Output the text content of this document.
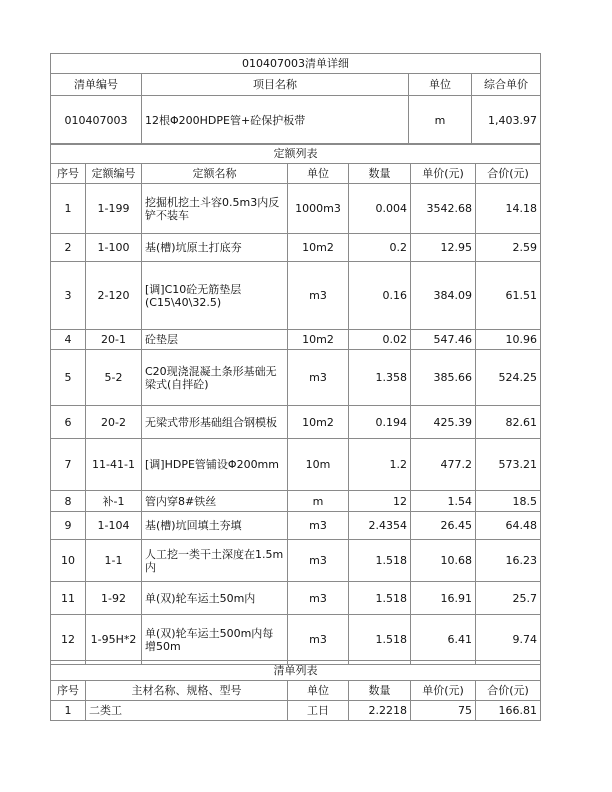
010407003清单详细			
清单编号	项目名称	单位	综合单价
010407003	12根Φ200HDPE管+砼保护板带	m	1,403.97
定额列表						
序号	定额编号	定额名称	单位	数量	单价(元)	合价(元)
1	1-199	挖掘机挖土斗容0.5m3内反铲不装车	1000m3	0.004	3542.68	14.18
2	1-100	基(槽)坑原土打底夯	10m2	0.2	12.95	2.59
3	2-120	[调]C10砼无筋垫层(C15\40\32.5)	m3	0.16	384.09	61.51
4	20-1	砼垫层	10m2	0.02	547.46	10.96
5	5-2	C20现浇混凝土条形基础无梁式(自拌砼)	m3	1.358	385.66	524.25
6	20-2	无梁式带形基础组合钢模板	10m2	0.194	425.39	82.61
7	11-41-1	[调]HDPE管铺设Φ200mm	10m	1.2	477.2	573.21
8	补-1	管内穿8#铁丝	m	12	1.54	18.5
9	1-104	基(槽)坑回填土夯填	m3	2.4354	26.45	64.48
10	1-1	人工挖一类干土深度在1.5m内	m3	1.518	10.68	16.23
11	1-92	单(双)轮车运土50m内	m3	1.518	16.91	25.7
12	1-95H*2	单(双)轮车运土500m内每增50m	m3	1.518	6.41	9.74
清单列表					
序号	主材名称、规格、型号	单位	数量	单价(元)	合价(元)
1	二类工	工日	2.2218	75	166.81
